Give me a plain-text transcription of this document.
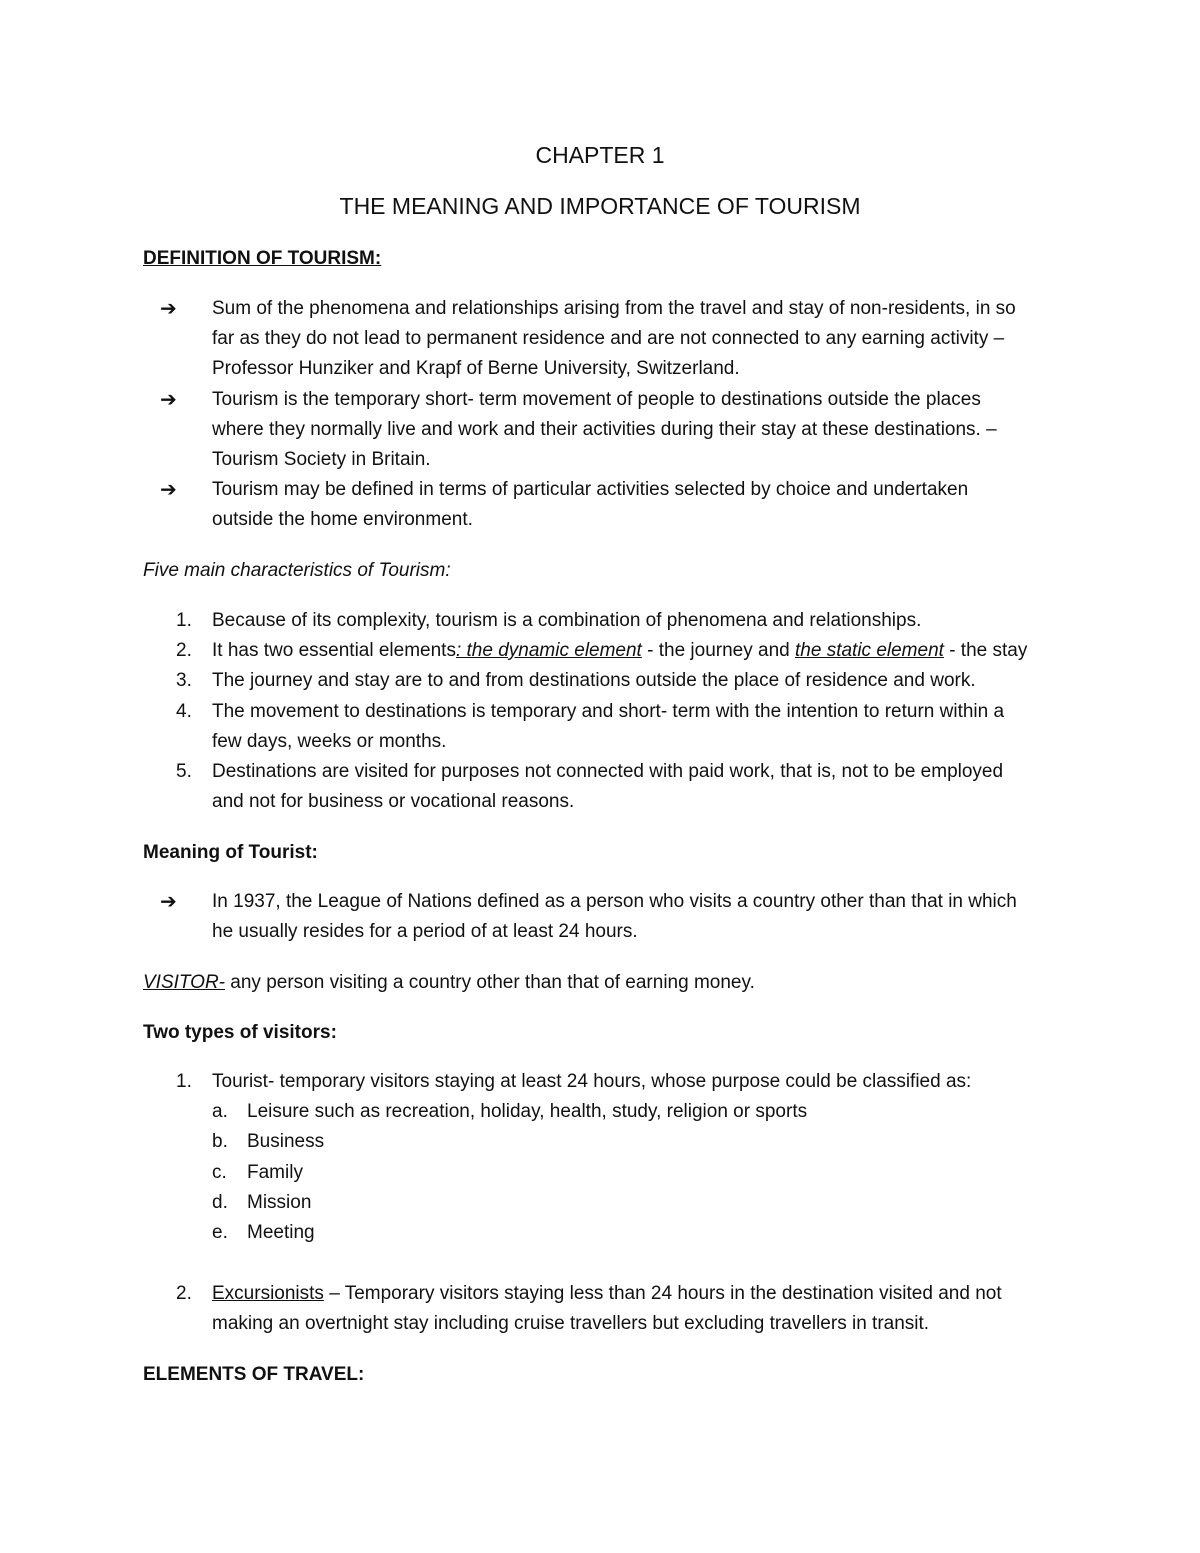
CHAPTER 1
THE MEANING AND IMPORTANCE OF TOURISM
DEFINITION OF TOURISM:
➔ Sum of the phenomena and relationships arising from the travel and stay of non-residents, in so
far as they do not lead to permanent residence and are not connected to any earning activity –
Professor Hunziker and Krapf of Berne University, Switzerland.
➔ Tourism is the temporary short- term movement of people to destinations outside the places
where they normally live and work and their activities during their stay at these destinations. –
Tourism Society in Britain.
➔ Tourism may be defined in terms of particular activities selected by choice and undertaken
outside the home environment.
Five main characteristics of Tourism:
1. Because of its complexity, tourism is a combination of phenomena and relationships.
2. It has two essential elements: the dynamic element - the journey and the static element - the stay
3. The journey and stay are to and from destinations outside the place of residence and work.
4. The movement to destinations is temporary and short- term with the intention to return within a
few days, weeks or months.
5. Destinations are visited for purposes not connected with paid work, that is, not to be employed
and not for business or vocational reasons.
Meaning of Tourist:
➔ In 1937, the League of Nations defined as a person who visits a country other than that in which
he usually resides for a period of at least 24 hours.
VISITOR- any person visiting a country other than that of earning money.
Two types of visitors:
1. Tourist- temporary visitors staying at least 24 hours, whose purpose could be classified as:
a. Leisure such as recreation, holiday, health, study, religion or sports
b. Business
c. Family
d. Mission
e. Meeting
2. Excursionists – Temporary visitors staying less than 24 hours in the destination visited and not
making an overtnight stay including cruise travellers but excluding travellers in transit.
ELEMENTS OF TRAVEL:
